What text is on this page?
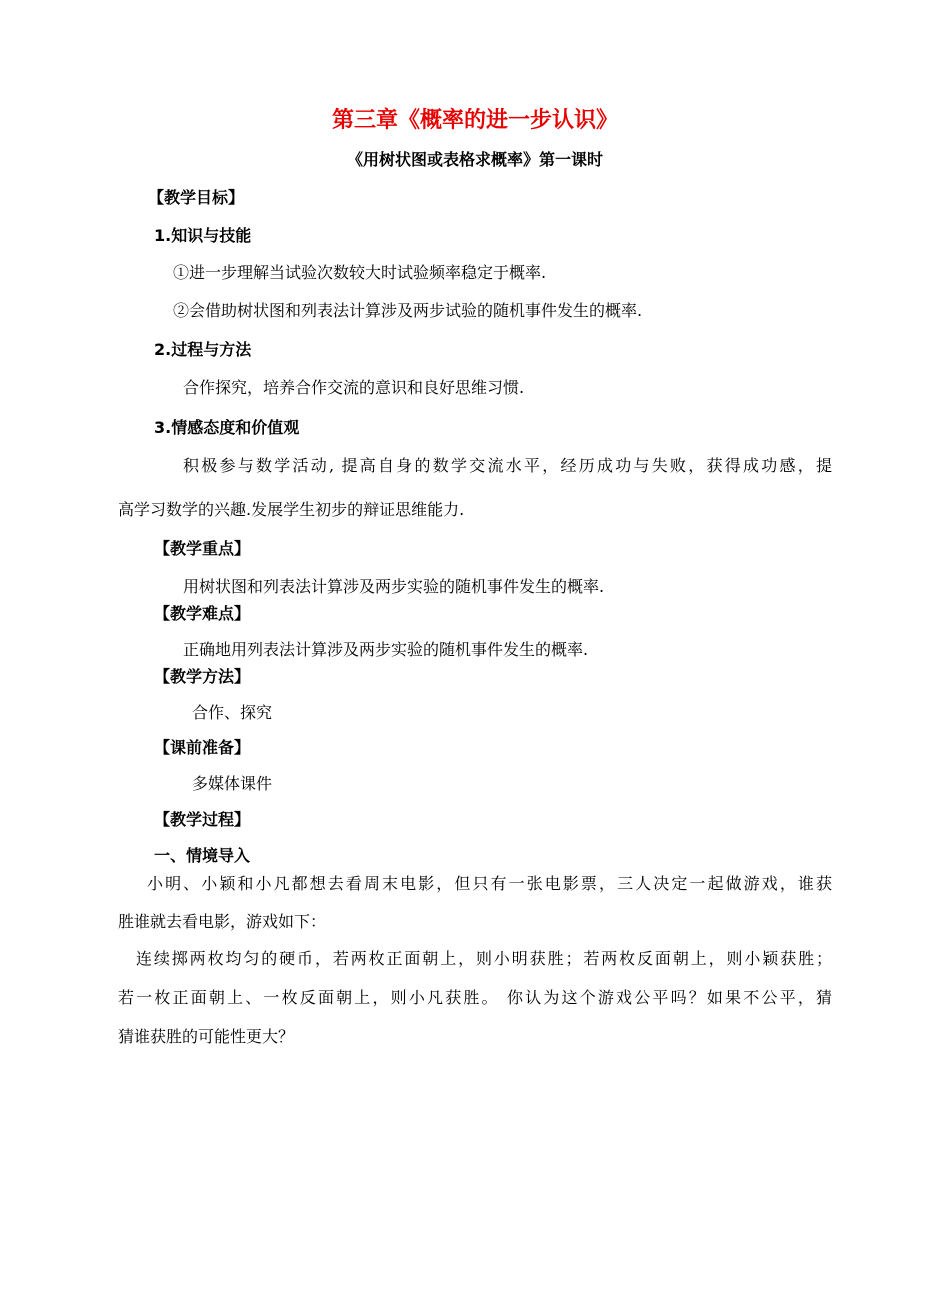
第三章《概率的进一步认识》
《用树状图或表格求概率》第一课时
【教学目标】
1.知识与技能
①进一步理解当试验次数较大时试验频率稳定于概率.
②会借助树状图和列表法计算涉及两步试验的随机事件发生的概率.
2.过程与方法
合作探究，培养合作交流的意识和良好思维习惯.
3.情感态度和价值观
积极参与数学活动, 提高自身的数学交流水平，经历成功与失败，获得成功感，提
高学习数学的兴趣.发展学生初步的辩证思维能力.
【教学重点】
用树状图和列表法计算涉及两步实验的随机事件发生的概率.
【教学难点】
正确地用列表法计算涉及两步实验的随机事件发生的概率.
【教学方法】
合作、探究
【课前准备】
多媒体课件
【教学过程】
一、情境导入
小明、小颖和小凡都想去看周末电影，但只有一张电影票，三人决定一起做游戏，谁获
胜谁就去看电影，游戏如下：
连续掷两枚均匀的硬币，若两枚正面朝上，则小明获胜；若两枚反面朝上，则小颖获胜；
若一枚正面朝上、一枚反面朝上，则小凡获胜。 你认为这个游戏公平吗？如果不公平，猜
猜谁获胜的可能性更大？
